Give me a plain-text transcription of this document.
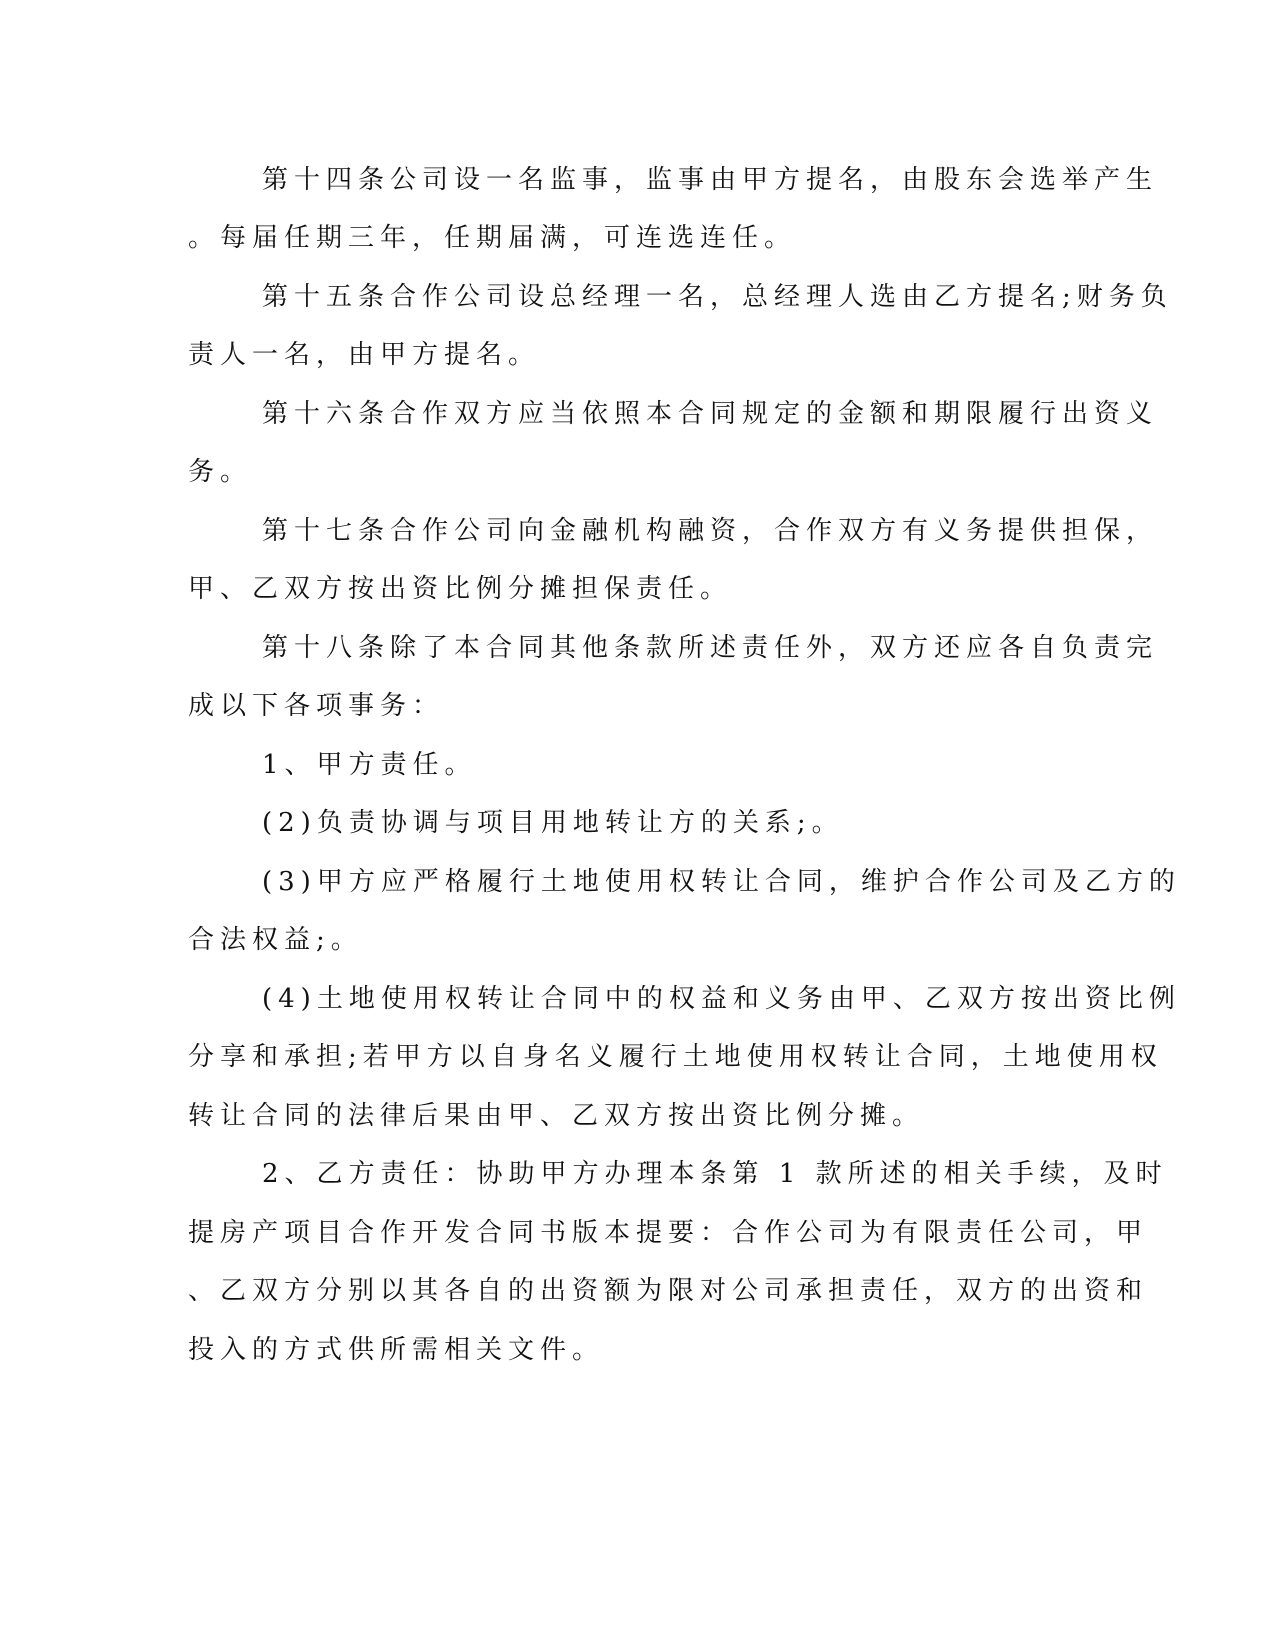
第十四条公司设一名监事，监事由甲方提名，由股东会选举产生
。每届任期三年，任期届满，可连选连任。
第十五条合作公司设总经理一名，总经理人选由乙方提名;财务负
责人一名，由甲方提名。
第十六条合作双方应当依照本合同规定的金额和期限履行出资义
务。
第十七条合作公司向金融机构融资，合作双方有义务提供担保，
甲、乙双方按出资比例分摊担保责任。
第十八条除了本合同其他条款所述责任外，双方还应各自负责完
成以下各项事务：
1、甲方责任。
(2)负责协调与项目用地转让方的关系;。
(3)甲方应严格履行土地使用权转让合同，维护合作公司及乙方的
合法权益;。
(4)土地使用权转让合同中的权益和义务由甲、乙双方按出资比例
分享和承担;若甲方以自身名义履行土地使用权转让合同，土地使用权
转让合同的法律后果由甲、乙双方按出资比例分摊。
2、乙方责任：协助甲方办理本条第 1 款所述的相关手续，及时
提房产项目合作开发合同书版本提要：合作公司为有限责任公司，甲
、乙双方分别以其各自的出资额为限对公司承担责任，双方的出资和
投入的方式供所需相关文件。
